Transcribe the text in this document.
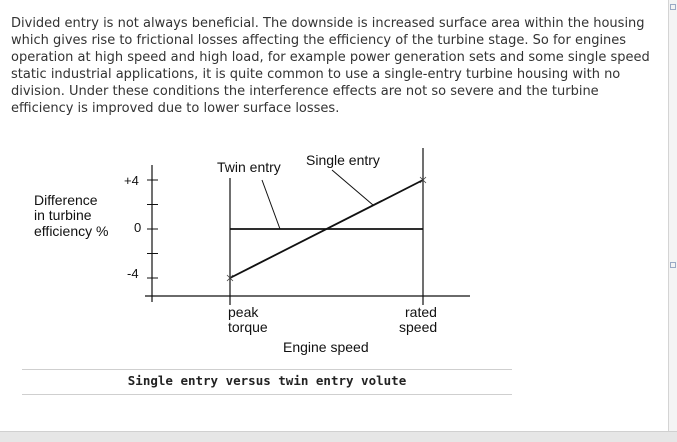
Divided entry is not always beneficial. The downside is increased surface area within the housing which gives rise to frictional losses affecting the efficiency of the turbine stage. So for engines operation at high speed and high load, for example power generation sets and some single speed static industrial applications, it is quite common to use a single-entry turbine housing with no division. Under these conditions the interference effects are not so severe and the turbine efficiency is improved due to lower surface losses.

Twin entry Single entry
Difference
in turbine
efficiency %
+4
0
-4
peak
torque
rated
speed
Engine speed
Single entry versus twin entry volute
